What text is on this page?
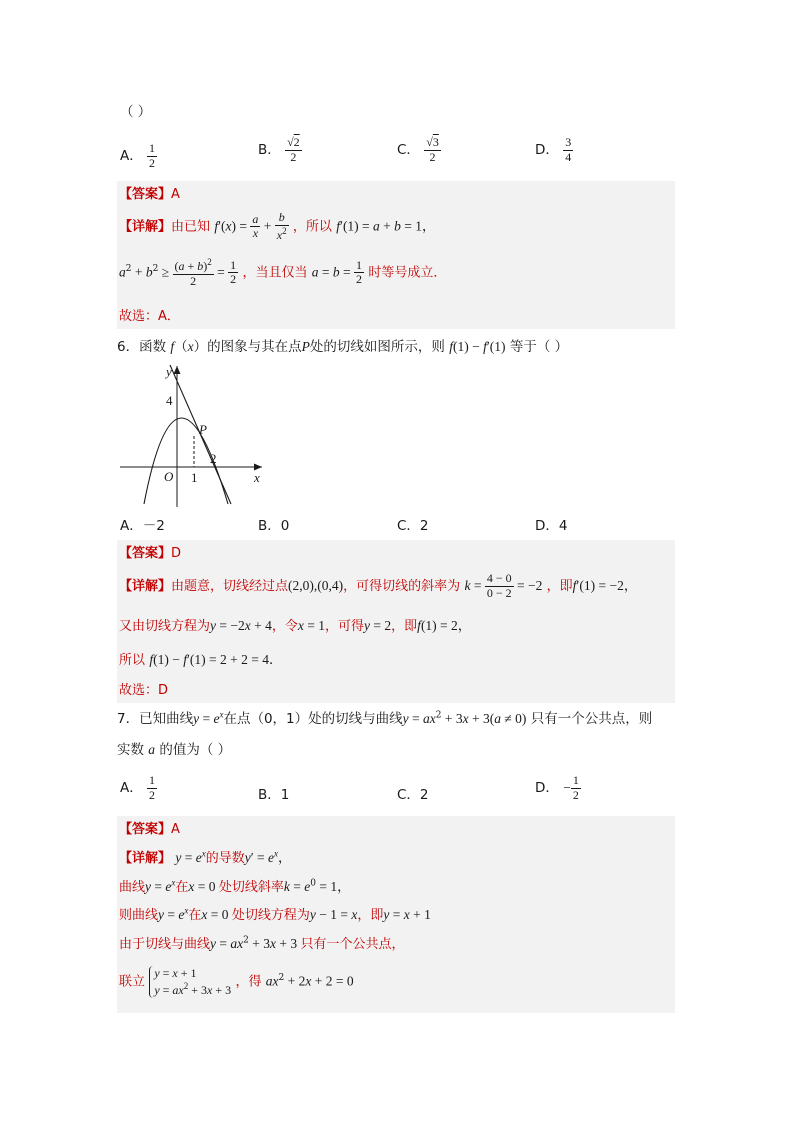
（ ）
A． $\frac{1}{2}$	B． $\frac{√2}{2}$	C． $\frac{√3}{2}$	D． $\frac{3}{4}$
【答案】A
【详解】由已知 $f'(x) = \frac{a}{x} + \frac{b}{x^2}$ ，所以 f′(1) = a + b = 1，
$a^2 + b^2 \ge \frac{(a + b)^2}{2} = \frac{1}{2}$ ，当且仅当 $a = b = \frac{1}{2}$ 时等号成立．
故选：A．
6．函数 f（x）的图象与其在点P处的切线如图所示，则 f(1) − f′(1) 等于（ ）
y
x
O
4
P
2
1
A．－2	B．0	C．2	D．4
【答案】D
【详解】由题意，切线经过点(2,0),(0,4)，可得切线的斜率为 $k = \frac{4 - 0}{0 - 2} = -2$ ，即f′(1) = −2，
又由切线方程为y = −2x + 4，令x = 1，可得y = 2，即f(1) = 2，
所以 f(1) − f′(1) = 2 + 2 = 4．
故选：D
7．已知曲线$y = e^x$在点（0，1）处的切线与曲线$y = ax^2 + 3x + 3(a \ne 0)$ 只有一个公共点，则
实数 a 的值为（ ）
A． $\frac{1}{2}$	B．1	C．2	D． − $\frac{1}{2}$
【答案】A
【详解】 $y = e^x$的导数$y' = e^x$，
曲线$y = e^x$在x = 0 处切线斜率$k = e^0 = 1$，
则曲线$y = e^x$在x = 0 处切线方程为y − 1 = x，即y = x + 1
由于切线与曲线$y = ax^2 + 3x + 3$ 只有一个公共点，
联立
y = x + 1
$y = ax^2 + 3x + 3$
，得 $ax^2 + 2x + 2 = 0$
